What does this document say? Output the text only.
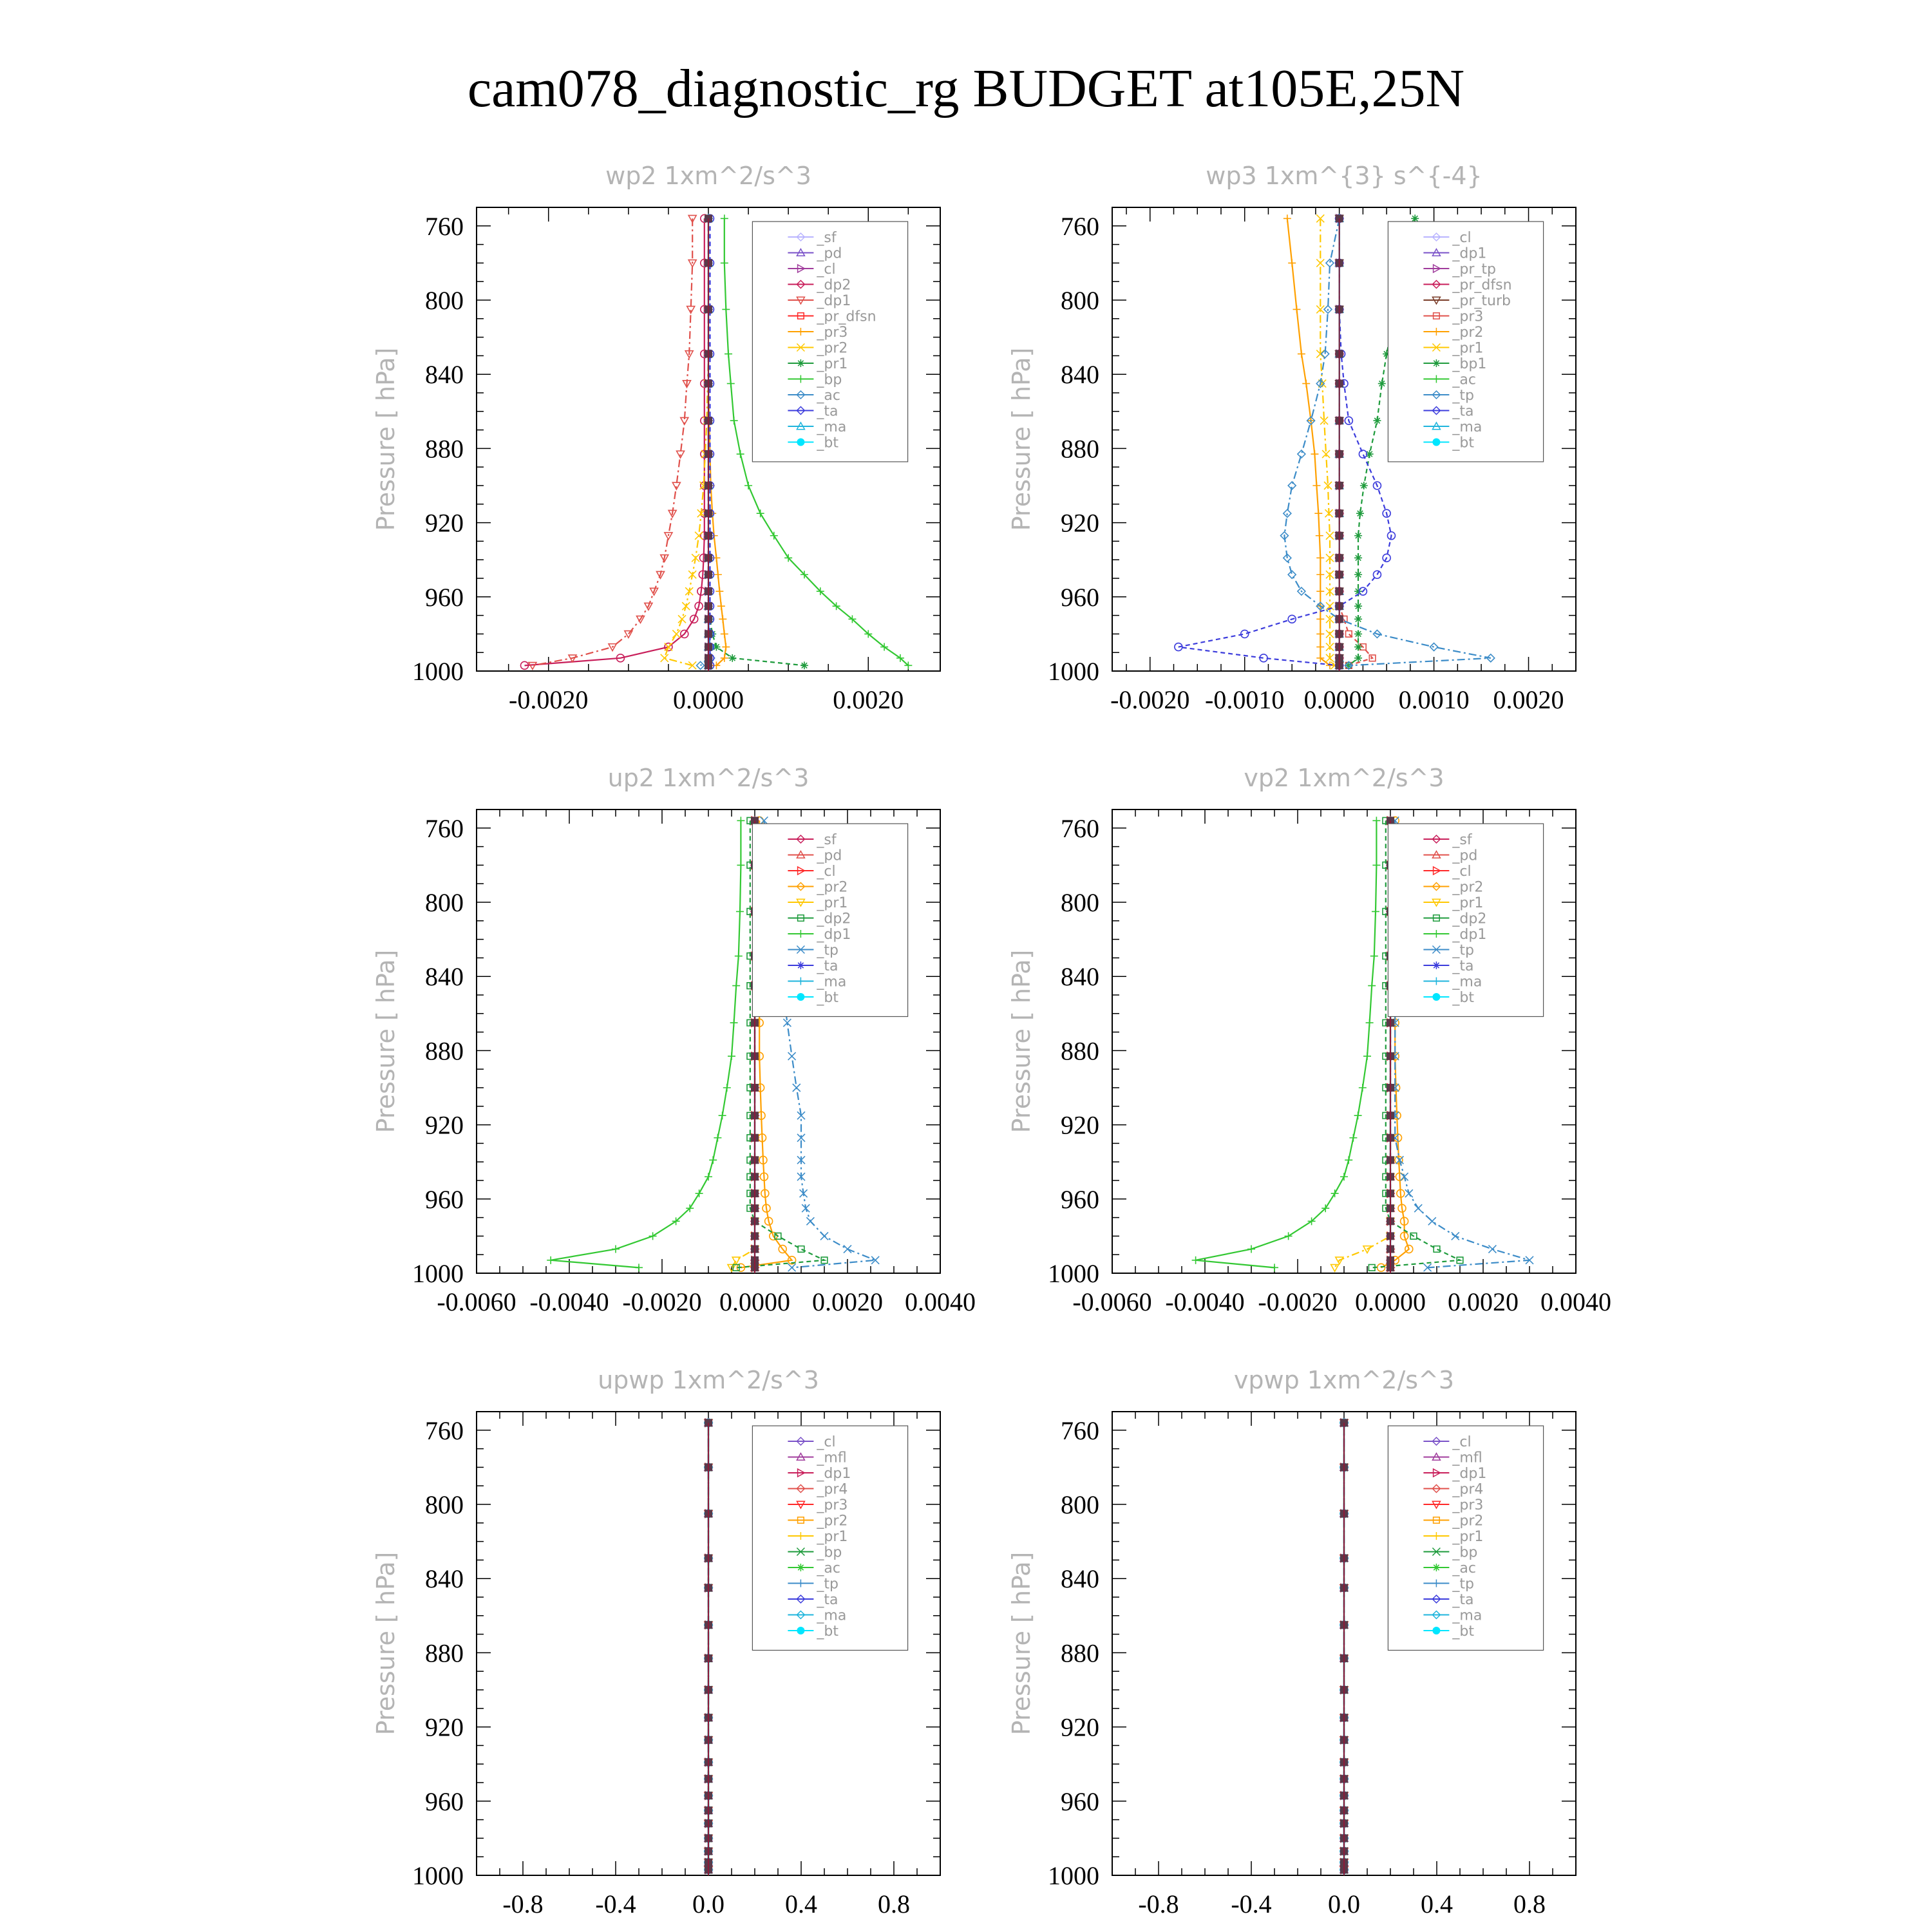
cam078_diagnostic_rg BUDGET at105E,25N
wp2 1xm^2/s^3
760
800
840
880
920
960
1000
-0.0020	0.0000	0.0020
Pressure [ hPa]
_sf
_pd
_cl
_dp2
_dp1
_pr_dfsn
_pr3
_pr2
_pr1
_bp
_ac
_ta
_ma
_bt
wp3 1xm^{3} s^{-4}
760
800
840
880
920
960
1000
-0.0020 -0.0010 0.0000 0.0010 0.0020
Pressure [ hPa]
_cl
_dp1
_pr_tp
_pr_dfsn
_pr_turb
_pr3
_pr2
_pr1
_bp1
_ac
_tp
_ta
_ma
_bt
up2 1xm^2/s^3
760
800
840
880
920
960
1000
-0.0060 -0.0040 -0.0020 0.0000 0.0020 0.0040
Pressure [ hPa]
_sf
_pd
_cl
_pr2
_pr1
_dp2
_dp1
_tp
_ta
_ma
_bt
vp2 1xm^2/s^3
760
800
840
880
920
960
1000
-0.0060 -0.0040 -0.0020 0.0000 0.0020 0.0040
Pressure [ hPa]
_sf
_pd
_cl
_pr2
_pr1
_dp2
_dp1
_tp
_ta
_ma
_bt
upwp 1xm^2/s^3
760
800
840
880
920
960
1000
-0.8 -0.4 0.0 0.4 0.8
Pressure [ hPa]
_cl
_mfl
_dp1
_pr4
_pr3
_pr2
_pr1
_bp
_ac
_tp
_ta
_ma
_bt
vpwp 1xm^2/s^3
760
800
840
880
920
960
1000
-0.8 -0.4 0.0 0.4 0.8
Pressure [ hPa]
_cl
_mfl
_dp1
_pr4
_pr3
_pr2
_pr1
_bp
_ac
_tp
_ta
_ma
_bt
